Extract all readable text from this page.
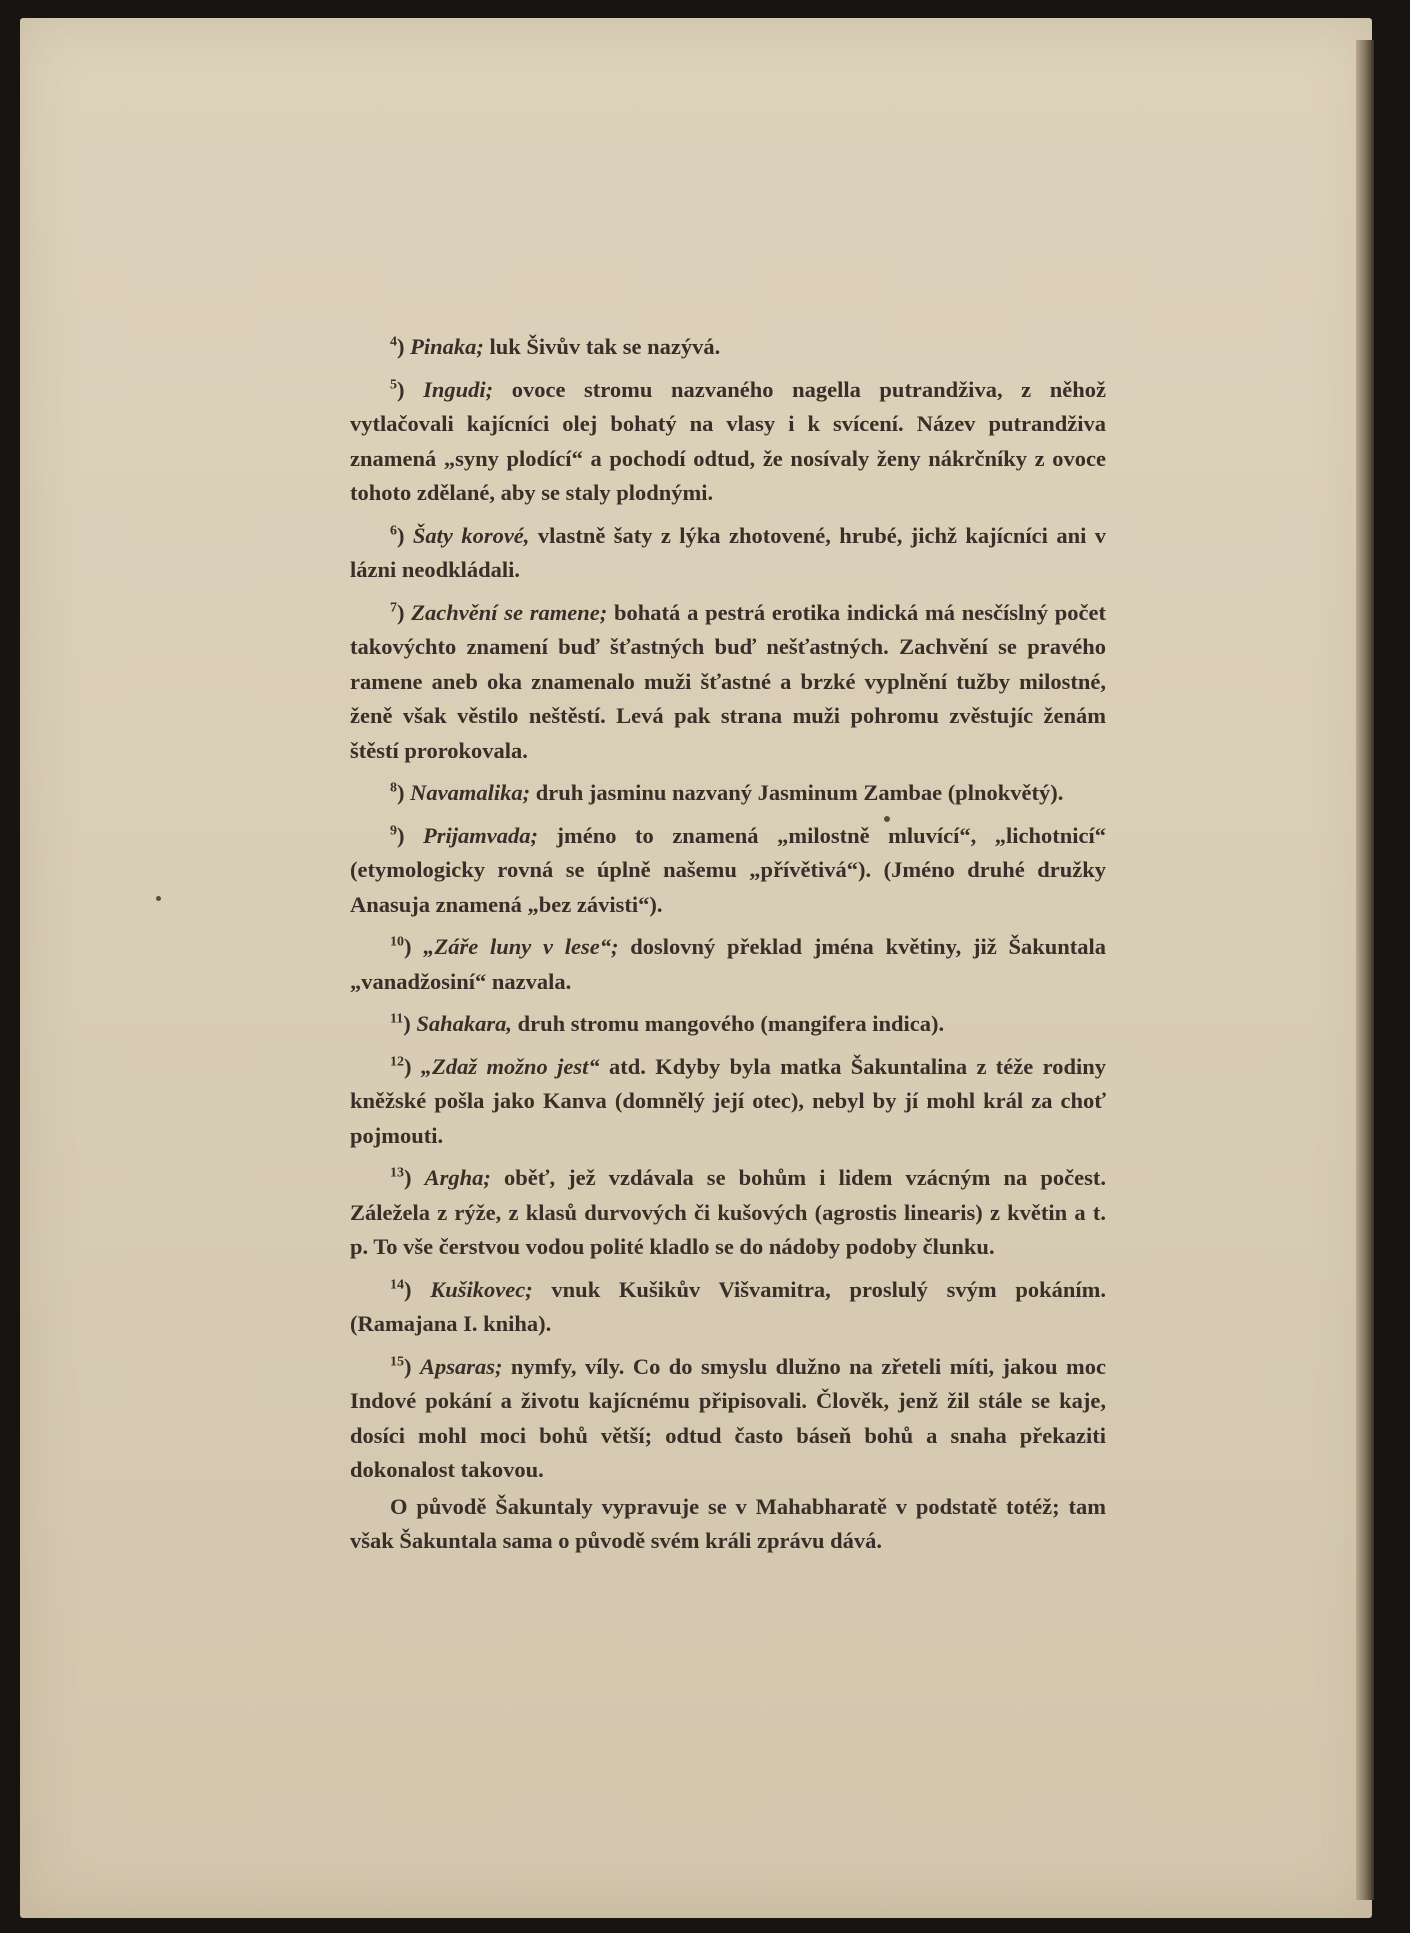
$^4$) Pinaka; luk Šivův tak se nazývá.

$^5$) Ingudi; ovoce stromu nazvaného nagella putrandživa, z něhož vytlačovali kajícníci olej bohatý na vlasy i k svícení. Název putrandživa znamená „syny plodící“ a pochodí odtud, že nosívaly ženy nákrčníky z ovoce tohoto zdělané, aby se staly plodnými.

$^6$) Šaty korové, vlastně šaty z lýka zhotovené, hrubé, jichž kajícníci ani v lázni neodkládali.

$^7$) Zachvění se ramene; bohatá a pestrá erotika indická má nesčíslný počet takovýchto znamení buď šťastných buď nešťastných. Zachvění se pravého ramene aneb oka znamenalo muži šťastné a brzké vyplnění tužby milostné, ženě však věstilo neštěstí. Levá pak strana muži pohromu zvěstujíc ženám štěstí prorokovala.

$^8$) Navamalika; druh jasminu nazvaný Jasminum Zambae (plnokvětý).

$^9$) Prijamvada; jméno to znamená „milostně mluvící“, „lichotnicí“ (etymologicky rovná se úplně našemu „přívětivá“). (Jméno druhé družky Anasuja znamená „bez závisti“).

$^{10}$) „Záře luny v lese“; doslovný překlad jména květiny, již Šakuntala „vanadžosiní“ nazvala.

$^{11}$) Sahakara, druh stromu mangového (mangifera indica).

$^{12}$) „Zdaž možno jest“ atd. Kdyby byla matka Šakuntalina z téže rodiny kněžské pošla jako Kanva (domnělý její otec), nebyl by jí mohl král za choť pojmouti.

$^{13}$) Argha; oběť, jež vzdávala se bohům i lidem vzácným na počest. Záležela z rýže, z klasů durvových či kušových (agrostis linearis) z květin a t. p. To vše čerstvou vodou polité kladlo se do nádoby podoby člunku.

$^{14}$) Kušikovec; vnuk Kušikův Višvamitra, proslulý svým pokáním. (Ramajana I. kniha).

$^{15}$) Apsaras; nymfy, víly. Co do smyslu dlužno na zřeteli míti, jakou moc Indové pokání a životu kajícnému připisovali. Člověk, jenž žil stále se kaje, dosíci mohl moci bohů větší; odtud často báseň bohů a snaha překaziti dokonalost takovou.

O původě Šakuntaly vypravuje se v Mahabharatě v podstatě totéž; tam však Šakuntala sama o původě svém králi zprávu dává.
